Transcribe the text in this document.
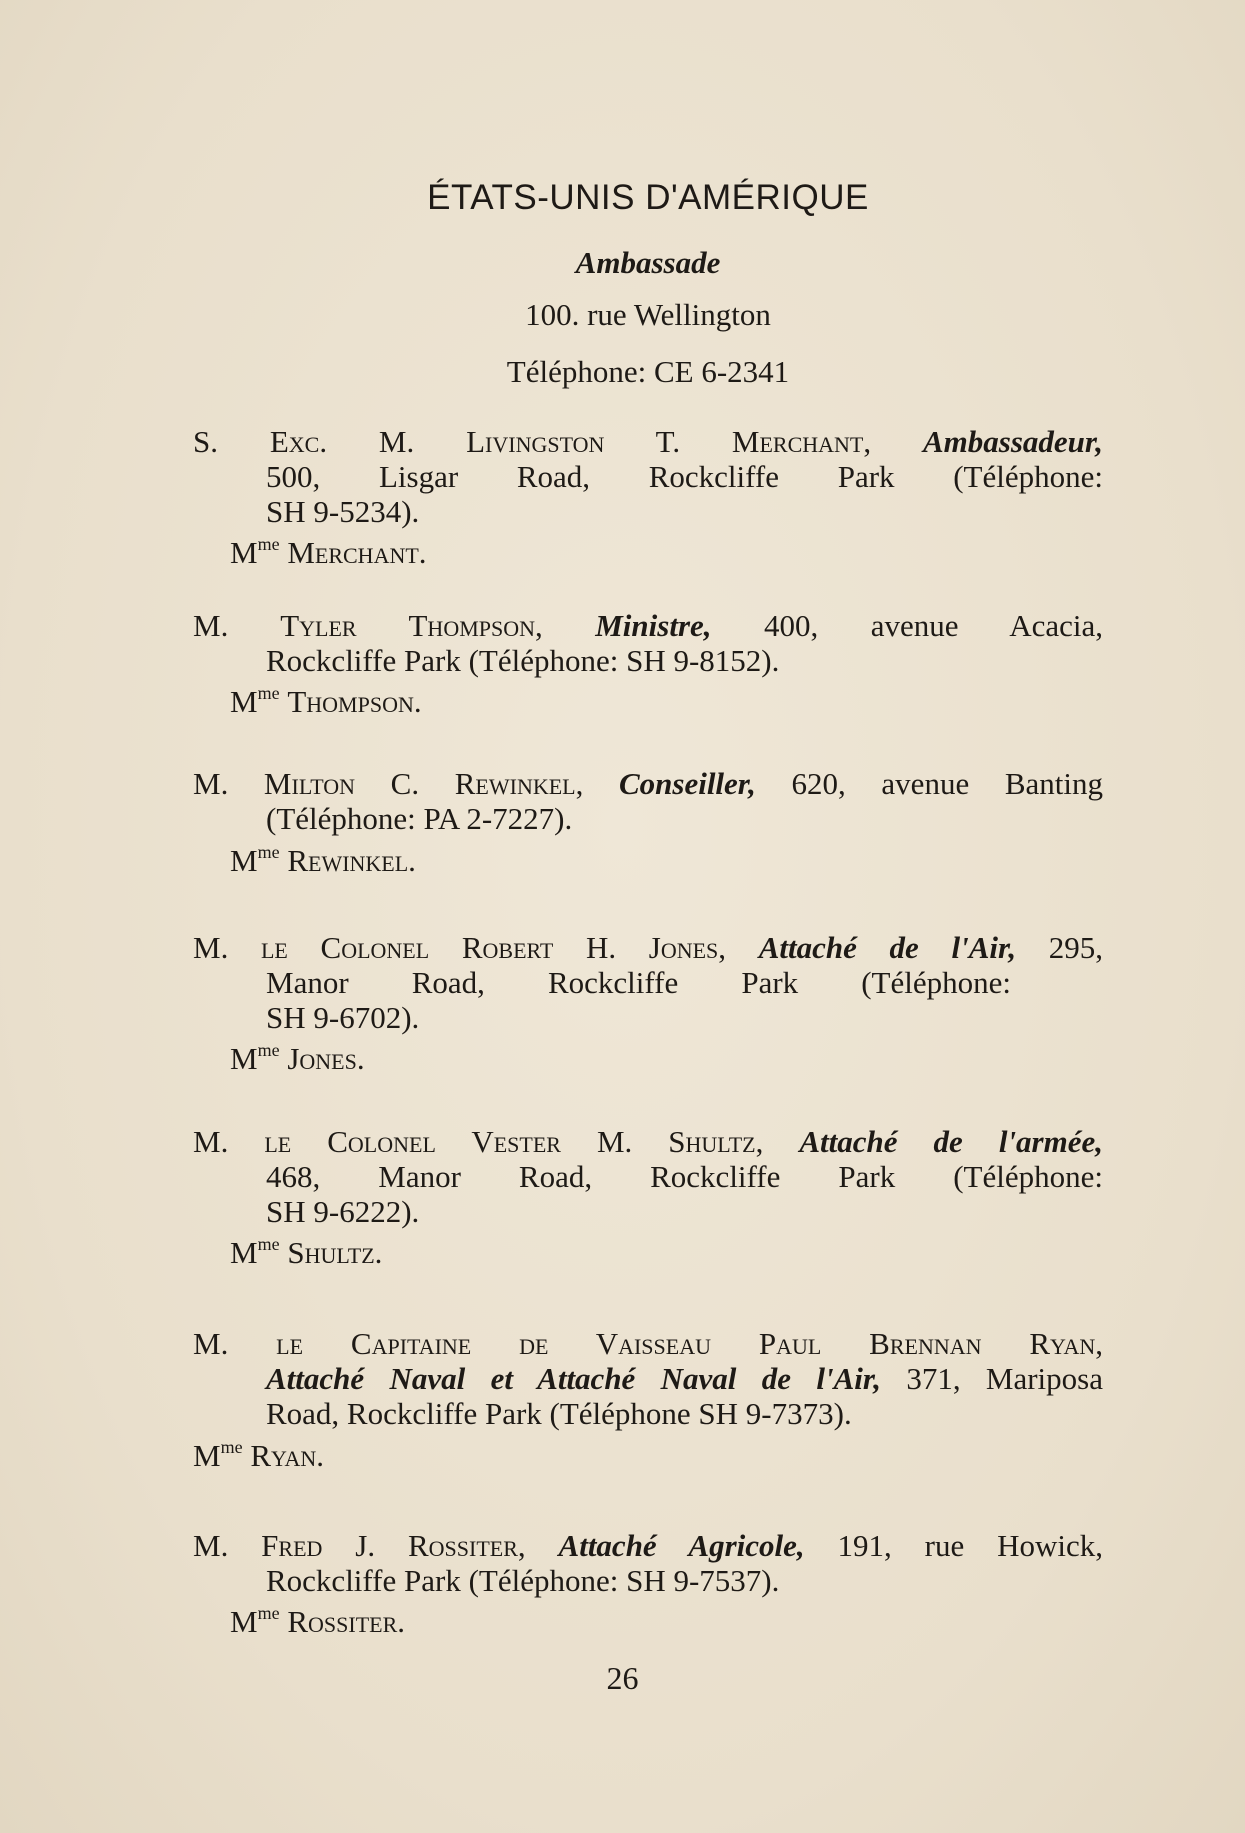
ÉTATS-UNIS D'AMÉRIQUE
Ambassade
100. rue Wellington
Téléphone: CE 6-2341
S. Exc. M. Livingston T. Merchant, Ambassadeur,
500, Lisgar Road, Rockcliffe Park (Téléphone:
SH 9-5234).
$M^{me}$ Merchant.
M. Tyler Thompson, Ministre, 400, avenue Acacia,
Rockcliffe Park (Téléphone: SH 9-8152).
$M^{me}$ Thompson.
M. Milton C. Rewinkel, Conseiller, 620, avenue Banting
(Téléphone: PA 2-7227).
$M^{me}$ Rewinkel.
M. le Colonel Robert H. Jones, Attaché de l'Air, 295,
Manor Road, Rockcliffe Park (Téléphone:
SH 9-6702).
$M^{me}$ Jones.
M. le Colonel Vester M. Shultz, Attaché de l'armée,
468, Manor Road, Rockcliffe Park (Téléphone:
SH 9-6222).
$M^{me}$ Shultz.
M. le Capitaine de Vaisseau Paul Brennan Ryan,
Attaché Naval et Attaché Naval de l'Air, 371, Mariposa
Road, Rockcliffe Park (Téléphone SH 9-7373).
$M^{me}$ Ryan.
M. Fred J. Rossiter, Attaché Agricole, 191, rue Howick,
Rockcliffe Park (Téléphone: SH 9-7537).
$M^{me}$ Rossiter.
26
